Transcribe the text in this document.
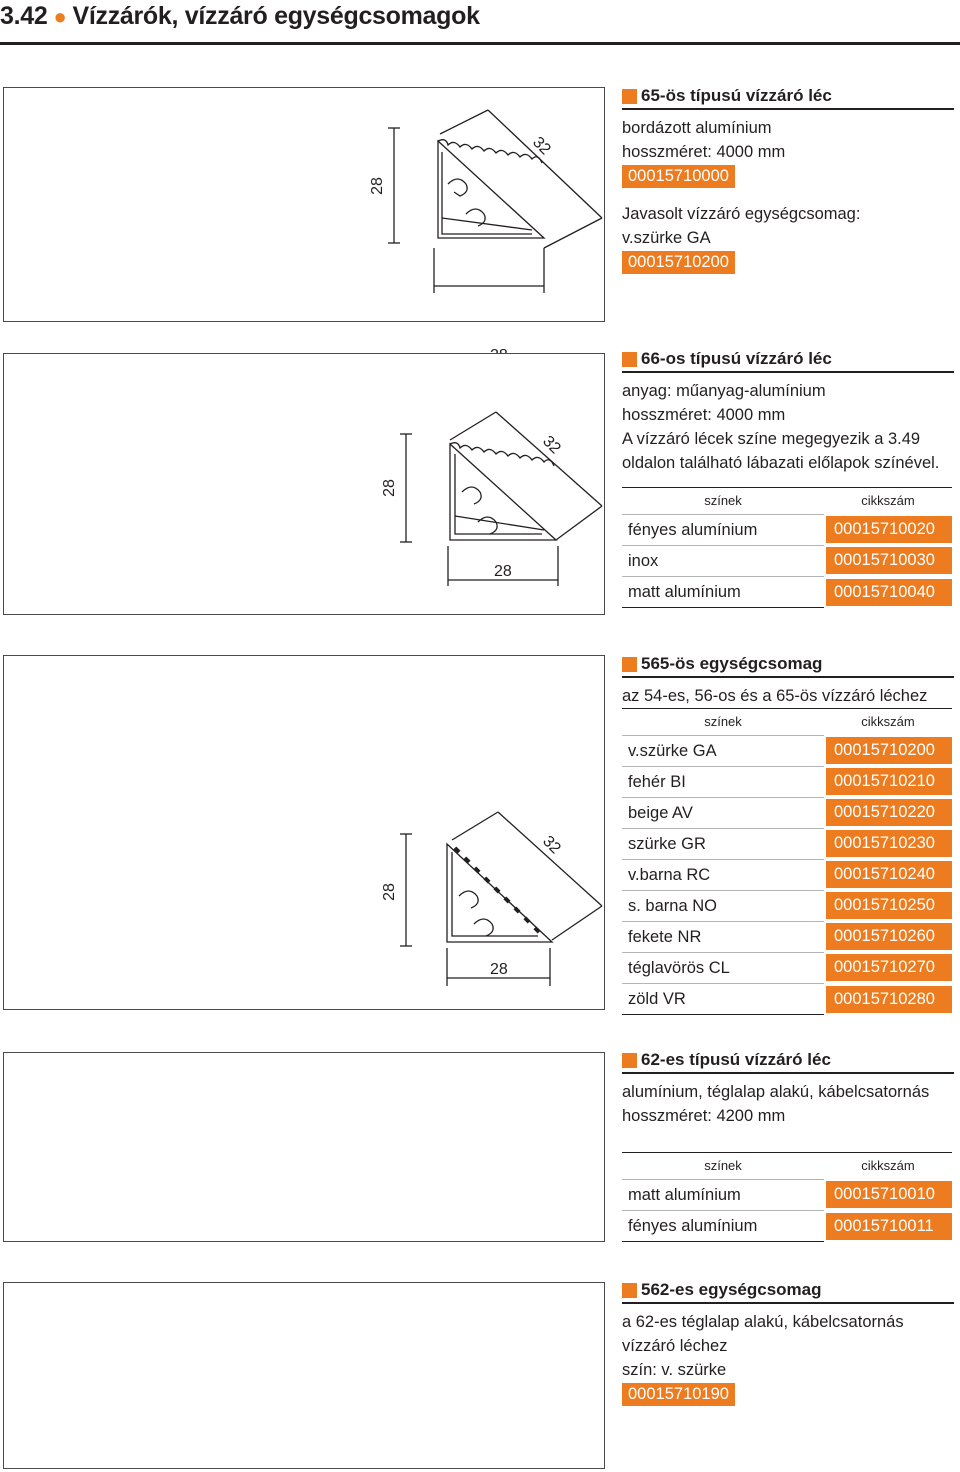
3.42 ● Vízzárók, vízzáró egységcsomagok
28
32
65-ös típusú vízzáró léc
bordázott alumínium
hosszméret: 4000 mm
00015710000
Javasolt vízzáró egységcsomag:
v.szürke GA
00015710200
28
28
32
66-os típusú vízzáró léc
anyag: műanyag-alumínium
hosszméret: 4000 mm
A vízzáró lécek színe megegyezik a 3.49
oldalon található lábazati előlapok színével.
színek	cikkszám
fényes alumínium	00015710020

inox	00015710030

matt alumínium	00015710040
28
28
32
565-ös egységcsomag
az 54-es, 56-os és a 65-ös vízzáró léchez
színek	cikkszám
v.szürke GA	00015710200

fehér BI	00015710210

beige AV	00015710220

szürke GR	00015710230

v.barna RC	00015710240

s. barna NO	00015710250

fekete NR	00015710260

téglavörös CL	00015710270

zöld VR	00015710280
62-es típusú vízzáró léc
alumínium, téglalap alakú, kábelcsatornás
hosszméret: 4200 mm
színek	cikkszám
matt alumínium	00015710010

fényes alumínium	00015710011
562-es egységcsomag
a 62-es téglalap alakú, kábelcsatornás
vízzáró léchez
szín: v. szürke
00015710190
